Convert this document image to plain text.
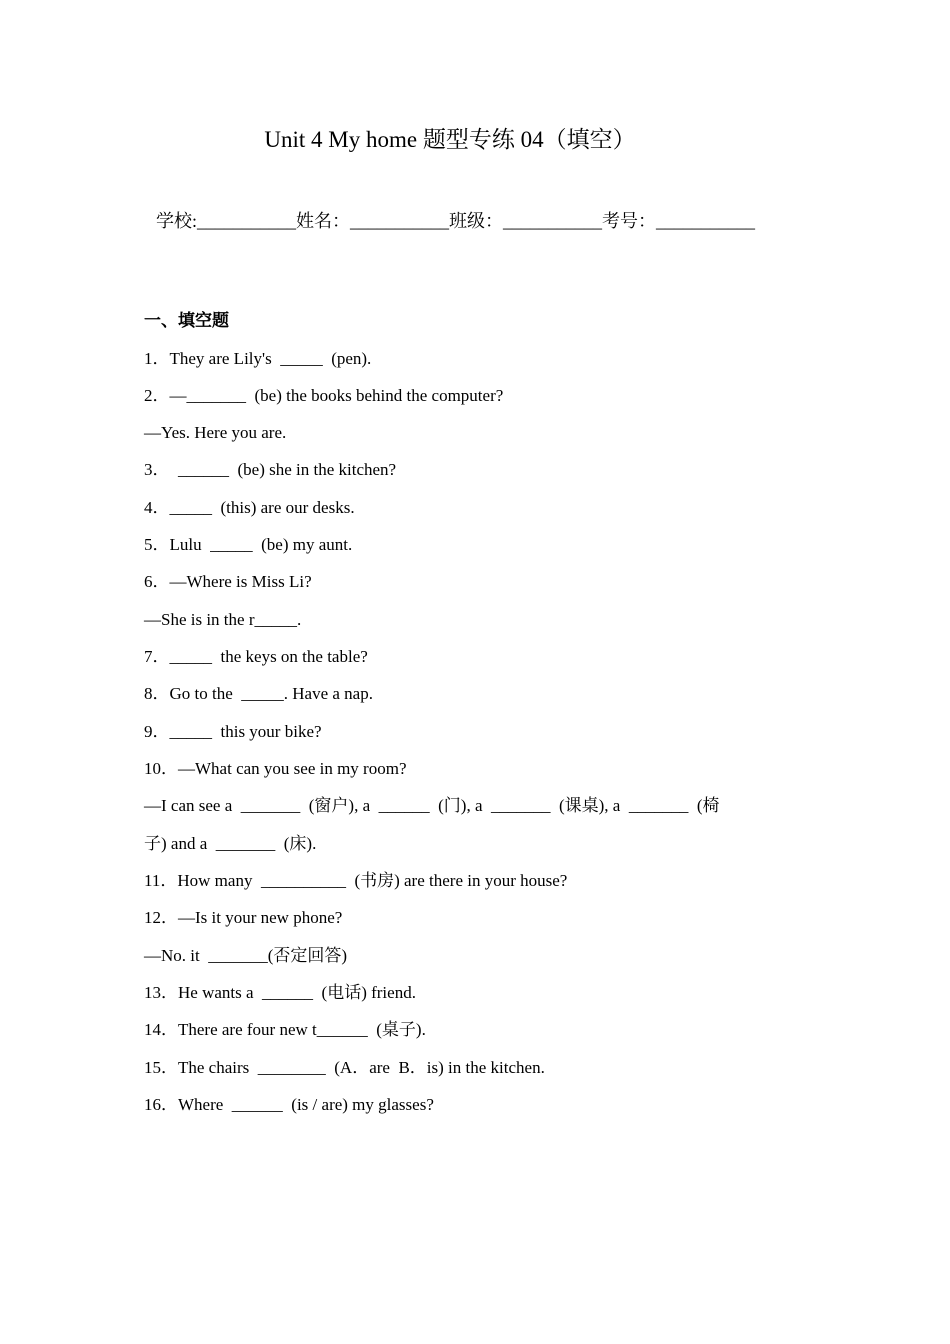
Unit 4 My home 题型专练 04（填空）
学校:___________姓名：___________班级：___________考号：___________
一、填空题
1．They are Lily's  _____  (pen).
2．—_______  (be) the books behind the computer?
—Yes. Here you are.
3．  ______  (be) she in the kitchen?
4．_____  (this) are our desks.
5．Lulu  _____  (be) my aunt.
6．—Where is Miss Li?
—She is in the r_____.
7．_____  the keys on the table?
8．Go to the  _____. Have a nap.
9．_____  this your bike?
10．—What can you see in my room?
—I can see a  _______  (窗户), a  ______  (门), a  _______  (课桌), a  _______  (椅
子) and a  _______  (床).
11．How many  __________  (书房) are there in your house?
12．—Is it your new phone?
—No. it  _______(否定回答)
13．He wants a  ______  (电话) friend.
14．There are four new t______  (桌子).
15．The chairs  ________  (A．are  B．is) in the kitchen.
16．Where  ______  (is / are) my glasses?
